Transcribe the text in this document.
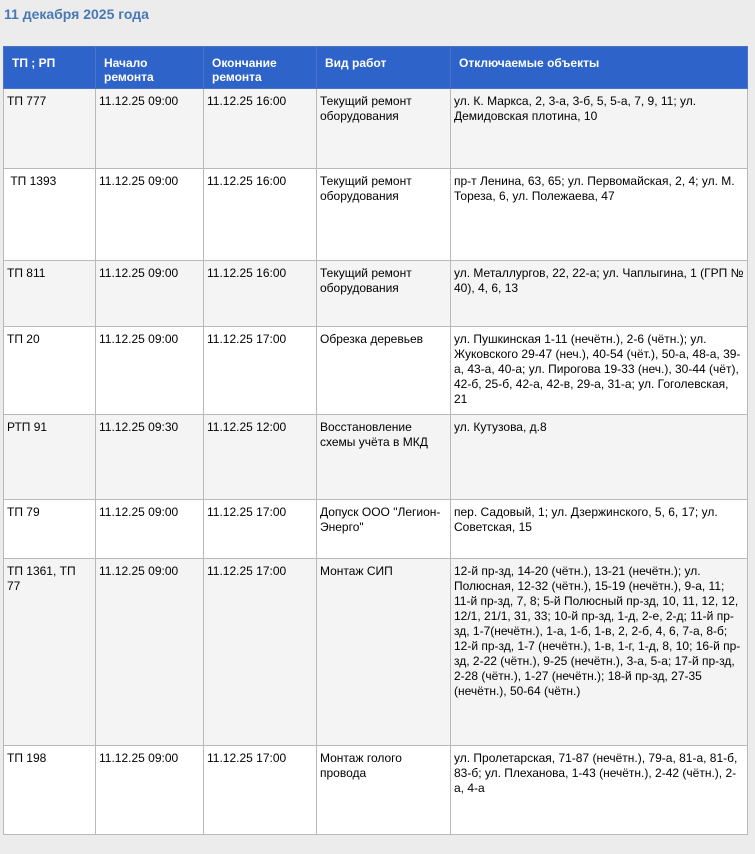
11 декабря 2025 года
ТП ; РП	Начало ремонта	Окончание ремонта	Вид работ	Отключаемые объекты
ТП 777	11.12.25 09:00	11.12.25 16:00	Текущий ремонт оборудования	ул. К. Маркса, 2, 3-а, 3-б, 5, 5-а, 7, 9, 11; ул. Демидовская плотина, 10
ТП 1393	11.12.25 09:00	11.12.25 16:00	Текущий ремонт оборудования	пр-т Ленина, 63, 65; ул. Первомайская, 2, 4; ул. М. Тореза, 6, ул. Полежаева, 47
ТП 811	11.12.25 09:00	11.12.25 16:00	Текущий ремонт оборудования	ул. Металлургов, 22, 22-а; ул. Чаплыгина, 1 (ГРП № 40), 4, 6, 13
ТП 20	11.12.25 09:00	11.12.25 17:00	Обрезка деревьев	ул. Пушкинская 1-11 (нечётн.), 2-6 (чётн.); ул. Жуковского 29-47 (неч.), 40-54 (чёт.), 50-а, 48-а, 39-а, 43-а, 40-а; ул. Пирогова 19-33 (неч.), 30-44 (чёт), 42-б, 25-б, 42-а, 42-в, 29-а, 31-а; ул. Гоголевская, 21
РТП 91	11.12.25 09:30	11.12.25 12:00	Восстановление схемы учёта в МКД	ул. Кутузова, д.8
ТП 79	11.12.25 09:00	11.12.25 17:00	Допуск ООО "Легион-Энерго"	пер. Садовый, 1; ул. Дзержинского, 5, 6, 17; ул. Советская, 15
ТП 1361, ТП 77	11.12.25 09:00	11.12.25 17:00	Монтаж СИП	12-й пр-зд, 14-20 (чётн.), 13-21 (нечётн.); ул. Полюсная, 12-32 (чётн.), 15-19 (нечётн.), 9-а, 11; 11-й пр-зд, 7, 8; 5-й Полюсный пр-зд, 10, 11, 12, 12, 12/1, 21/1, 31, 33; 10-й пр-зд, 1-д, 2-е, 2-д; 11-й пр-зд, 1-7(нечётн.), 1-а, 1-б, 1-в, 2, 2-б, 4, 6, 7-а, 8-б; 12-й пр-зд, 1-7 (нечётн.), 1-в, 1-г, 1-д, 8, 10; 16-й пр-зд, 2-22 (чётн.), 9-25 (нечётн.), 3-а, 5-а; 17-й пр-зд, 2-28 (чётн.), 1-27 (нечётн.); 18-й пр-зд, 27-35 (нечётн.), 50-64 (чётн.)
ТП 198	11.12.25 09:00	11.12.25 17:00	Монтаж голого провода	ул. Пролетарская, 71-87 (нечётн.), 79-а, 81-а, 81-б, 83-б; ул. Плеханова, 1-43 (нечётн.), 2-42 (чётн.), 2-а, 4-а
